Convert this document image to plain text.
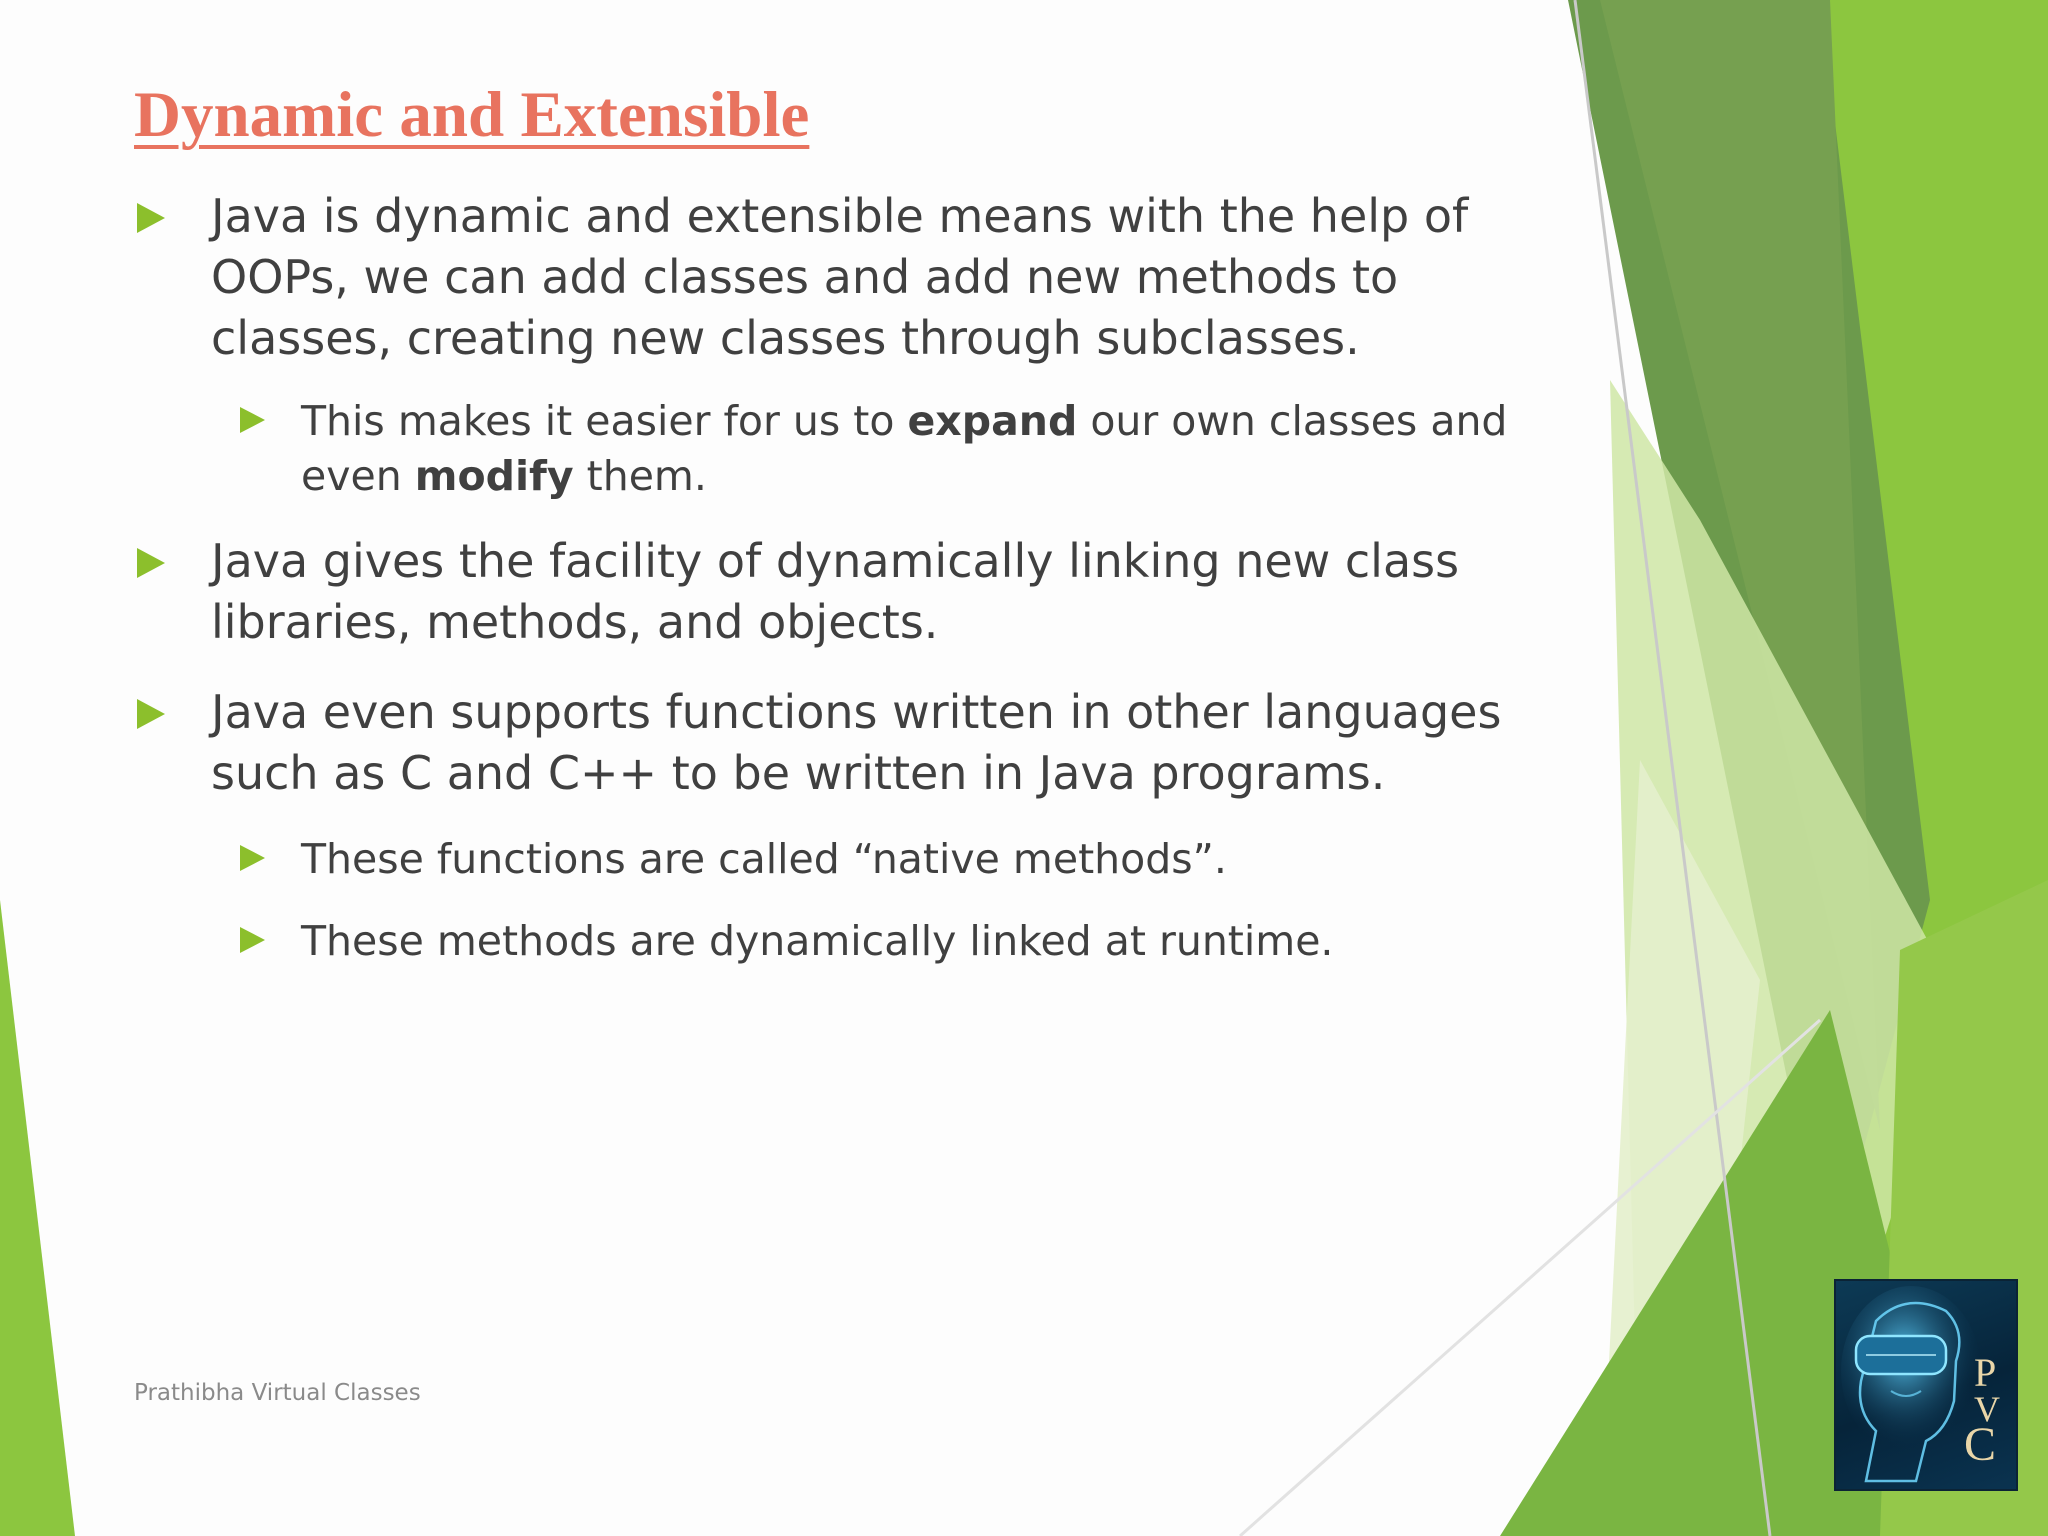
Dynamic and Extensible

Java is dynamic and extensible means with the help of OOPs, we can add classes and add new methods to classes, creating new classes through subclasses.

This makes it easier for us to expand our own classes and even modify them.

Java gives the facility of dynamically linking new class libraries, methods, and objects.

Java even supports functions written in other languages such as C and C++ to be written in Java programs.

These functions are called “native methods”.

These methods are dynamically linked at runtime.

Prathibha Virtual Classes	P
V
C
